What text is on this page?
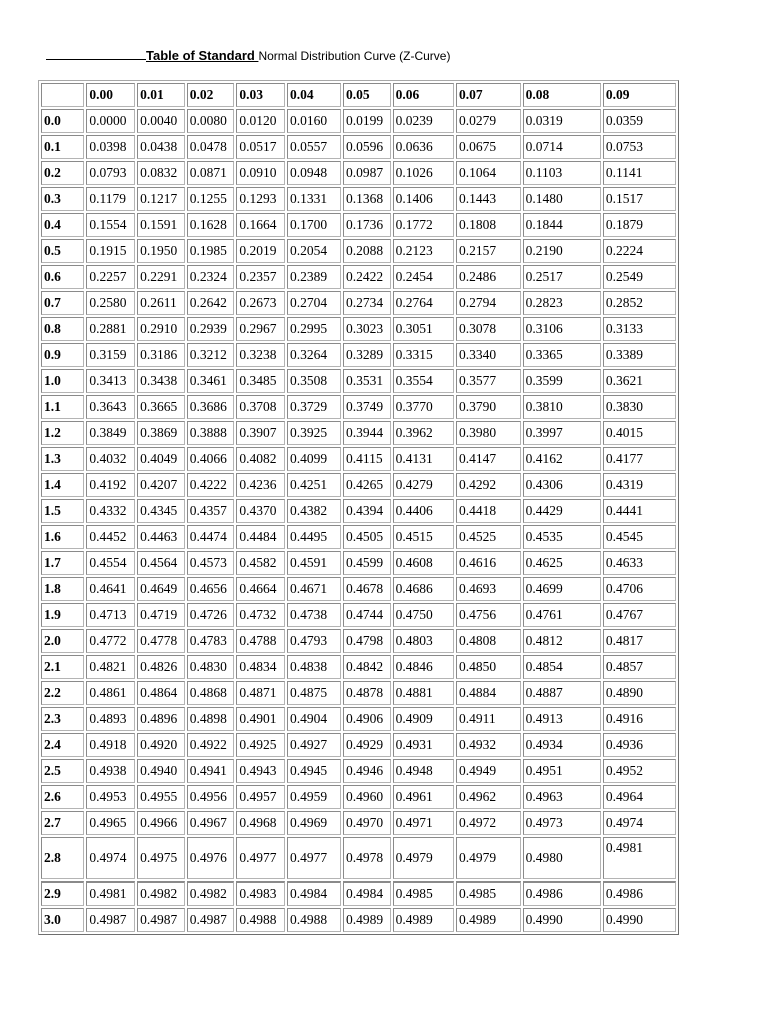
Table of Standard Normal Distribution Curve (Z-Curve)
	0.00	0.01	0.02	0.03	0.04	0.05	0.06	0.07	0.08	0.09
0.0	0.0000	0.0040	0.0080	0.0120	0.0160	0.0199	0.0239	0.0279	0.0319	0.0359
0.1	0.0398	0.0438	0.0478	0.0517	0.0557	0.0596	0.0636	0.0675	0.0714	0.0753
0.2	0.0793	0.0832	0.0871	0.0910	0.0948	0.0987	0.1026	0.1064	0.1103	0.1141
0.3	0.1179	0.1217	0.1255	0.1293	0.1331	0.1368	0.1406	0.1443	0.1480	0.1517
0.4	0.1554	0.1591	0.1628	0.1664	0.1700	0.1736	0.1772	0.1808	0.1844	0.1879
0.5	0.1915	0.1950	0.1985	0.2019	0.2054	0.2088	0.2123	0.2157	0.2190	0.2224
0.6	0.2257	0.2291	0.2324	0.2357	0.2389	0.2422	0.2454	0.2486	0.2517	0.2549
0.7	0.2580	0.2611	0.2642	0.2673	0.2704	0.2734	0.2764	0.2794	0.2823	0.2852
0.8	0.2881	0.2910	0.2939	0.2967	0.2995	0.3023	0.3051	0.3078	0.3106	0.3133
0.9	0.3159	0.3186	0.3212	0.3238	0.3264	0.3289	0.3315	0.3340	0.3365	0.3389
1.0	0.3413	0.3438	0.3461	0.3485	0.3508	0.3531	0.3554	0.3577	0.3599	0.3621
1.1	0.3643	0.3665	0.3686	0.3708	0.3729	0.3749	0.3770	0.3790	0.3810	0.3830
1.2	0.3849	0.3869	0.3888	0.3907	0.3925	0.3944	0.3962	0.3980	0.3997	0.4015
1.3	0.4032	0.4049	0.4066	0.4082	0.4099	0.4115	0.4131	0.4147	0.4162	0.4177
1.4	0.4192	0.4207	0.4222	0.4236	0.4251	0.4265	0.4279	0.4292	0.4306	0.4319
1.5	0.4332	0.4345	0.4357	0.4370	0.4382	0.4394	0.4406	0.4418	0.4429	0.4441
1.6	0.4452	0.4463	0.4474	0.4484	0.4495	0.4505	0.4515	0.4525	0.4535	0.4545
1.7	0.4554	0.4564	0.4573	0.4582	0.4591	0.4599	0.4608	0.4616	0.4625	0.4633
1.8	0.4641	0.4649	0.4656	0.4664	0.4671	0.4678	0.4686	0.4693	0.4699	0.4706
1.9	0.4713	0.4719	0.4726	0.4732	0.4738	0.4744	0.4750	0.4756	0.4761	0.4767
2.0	0.4772	0.4778	0.4783	0.4788	0.4793	0.4798	0.4803	0.4808	0.4812	0.4817
2.1	0.4821	0.4826	0.4830	0.4834	0.4838	0.4842	0.4846	0.4850	0.4854	0.4857
2.2	0.4861	0.4864	0.4868	0.4871	0.4875	0.4878	0.4881	0.4884	0.4887	0.4890
2.3	0.4893	0.4896	0.4898	0.4901	0.4904	0.4906	0.4909	0.4911	0.4913	0.4916
2.4	0.4918	0.4920	0.4922	0.4925	0.4927	0.4929	0.4931	0.4932	0.4934	0.4936
2.5	0.4938	0.4940	0.4941	0.4943	0.4945	0.4946	0.4948	0.4949	0.4951	0.4952
2.6	0.4953	0.4955	0.4956	0.4957	0.4959	0.4960	0.4961	0.4962	0.4963	0.4964
2.7	0.4965	0.4966	0.4967	0.4968	0.4969	0.4970	0.4971	0.4972	0.4973	0.4974
2.8	0.4974	0.4975	0.4976	0.4977	0.4977	0.4978	0.4979	0.4979	0.4980	0.4981
2.9	0.4981	0.4982	0.4982	0.4983	0.4984	0.4984	0.4985	0.4985	0.4986	0.4986
3.0	0.4987	0.4987	0.4987	0.4988	0.4988	0.4989	0.4989	0.4989	0.4990	0.4990
